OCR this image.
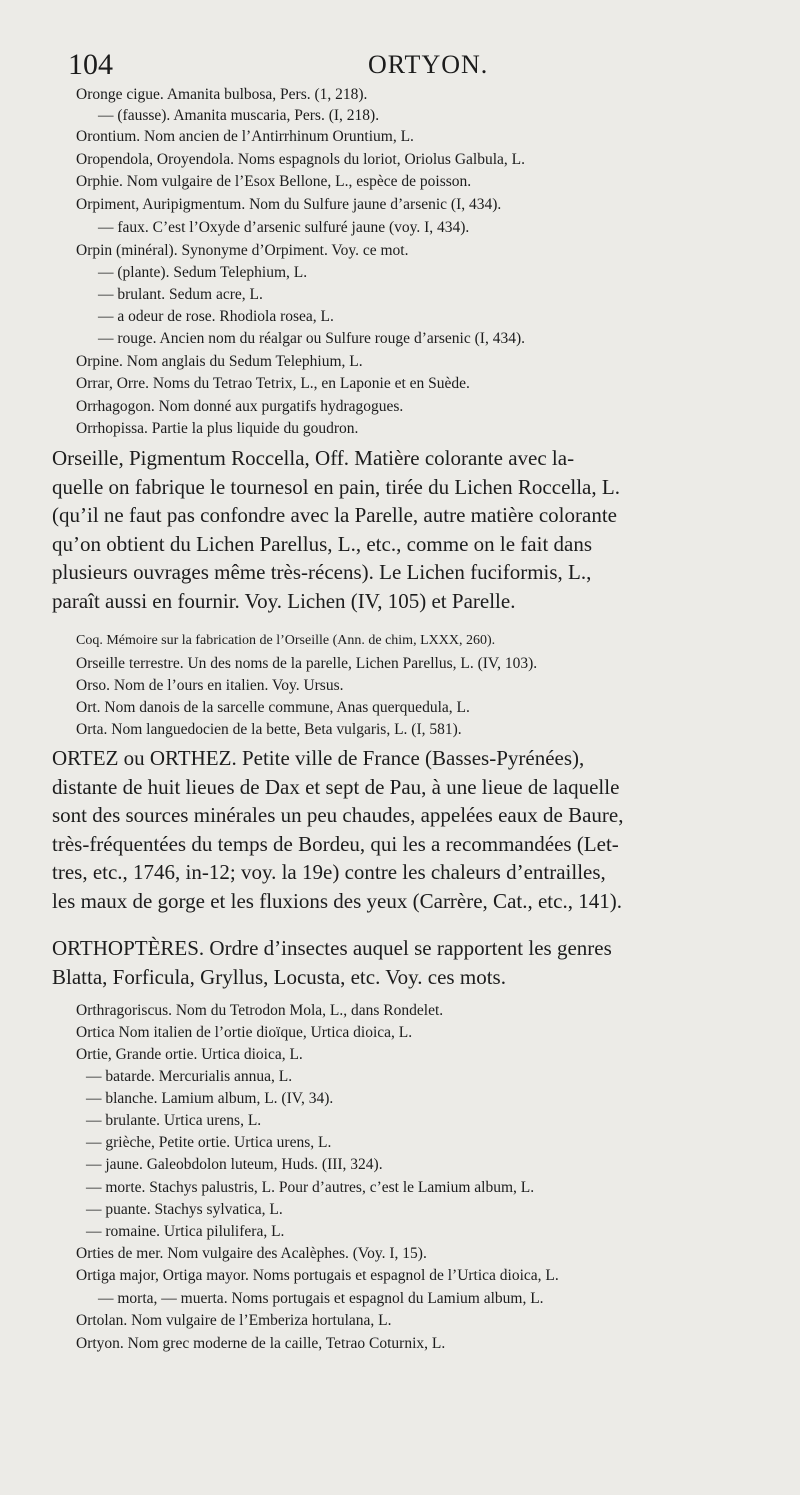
104	ORTYON.
Oronge cigue. Amanita bulbosa, Pers. (1, 218).
— (fausse). Amanita muscaria, Pers. (I, 218).
Orontium. Nom ancien de l’Antirrhinum Oruntium, L.
Oropendola, Oroyendola. Noms espagnols du loriot, Oriolus Galbula, L.
Orphie. Nom vulgaire de l’Esox Bellone, L., espèce de poisson.
Orpiment, Auripigmentum. Nom du Sulfure jaune d’arsenic (I, 434).
— faux. C’est l’Oxyde d’arsenic sulfuré jaune (voy. I, 434).
Orpin (minéral). Synonyme d’Orpiment. Voy. ce mot.
— (plante). Sedum Telephium, L.
— brulant. Sedum acre, L.
— a odeur de rose. Rhodiola rosea, L.
— rouge. Ancien nom du réalgar ou Sulfure rouge d’arsenic (I, 434).
Orpine. Nom anglais du Sedum Telephium, L.
Orrar, Orre. Noms du Tetrao Tetrix, L., en Laponie et en Suède.
Orrhagogon. Nom donné aux purgatifs hydragogues.
Orrhopissa. Partie la plus liquide du goudron.
Orseille, Pigmentum Roccella, Off. Matière colorante avec la-
quelle on fabrique le tournesol en pain, tirée du Lichen Roccella, L.
(qu’il ne faut pas confondre avec la Parelle, autre matière colorante
qu’on obtient du Lichen Parellus, L., etc., comme on le fait dans
plusieurs ouvrages même très-récens). Le Lichen fuciformis, L.,
paraît aussi en fournir. Voy. Lichen (IV, 105) et Parelle.
Coq. Mémoire sur la fabrication de l’Orseille (Ann. de chim, LXXX, 260).
Orseille terrestre. Un des noms de la parelle, Lichen Parellus, L. (IV, 103).
Orso. Nom de l’ours en italien. Voy. Ursus.
Ort. Nom danois de la sarcelle commune, Anas querquedula, L.
Orta. Nom languedocien de la bette, Beta vulgaris, L. (I, 581).
ORTEZ ou ORTHEZ. Petite ville de France (Basses-Pyrénées),
distante de huit lieues de Dax et sept de Pau, à une lieue de laquelle
sont des sources minérales un peu chaudes, appelées eaux de Baure,
très-fréquentées du temps de Bordeu, qui les a recommandées (Let-
tres, etc., 1746, in-12; voy. la 19e) contre les chaleurs d’entrailles,
les maux de gorge et les fluxions des yeux (Carrère, Cat., etc., 141).
ORTHOPTÈRES. Ordre d’insectes auquel se rapportent les genres
Blatta, Forficula, Gryllus, Locusta, etc. Voy. ces mots.
Orthragoriscus. Nom du Tetrodon Mola, L., dans Rondelet.
Ortica Nom italien de l’ortie dioïque, Urtica dioica, L.
Ortie, Grande ortie. Urtica dioica, L.
— batarde. Mercurialis annua, L.
— blanche. Lamium album, L. (IV, 34).
— brulante. Urtica urens, L.
— grièche, Petite ortie. Urtica urens, L.
— jaune. Galeobdolon luteum, Huds. (III, 324).
— morte. Stachys palustris, L. Pour d’autres, c’est le Lamium album, L.
— puante. Stachys sylvatica, L.
— romaine. Urtica pilulifera, L.
Orties de mer. Nom vulgaire des Acalèphes. (Voy. I, 15).
Ortiga major, Ortiga mayor. Noms portugais et espagnol de l’Urtica dioica, L.
— morta, — muerta. Noms portugais et espagnol du Lamium album, L.
Ortolan. Nom vulgaire de l’Emberiza hortulana, L.
Ortyon. Nom grec moderne de la caille, Tetrao Coturnix, L.
